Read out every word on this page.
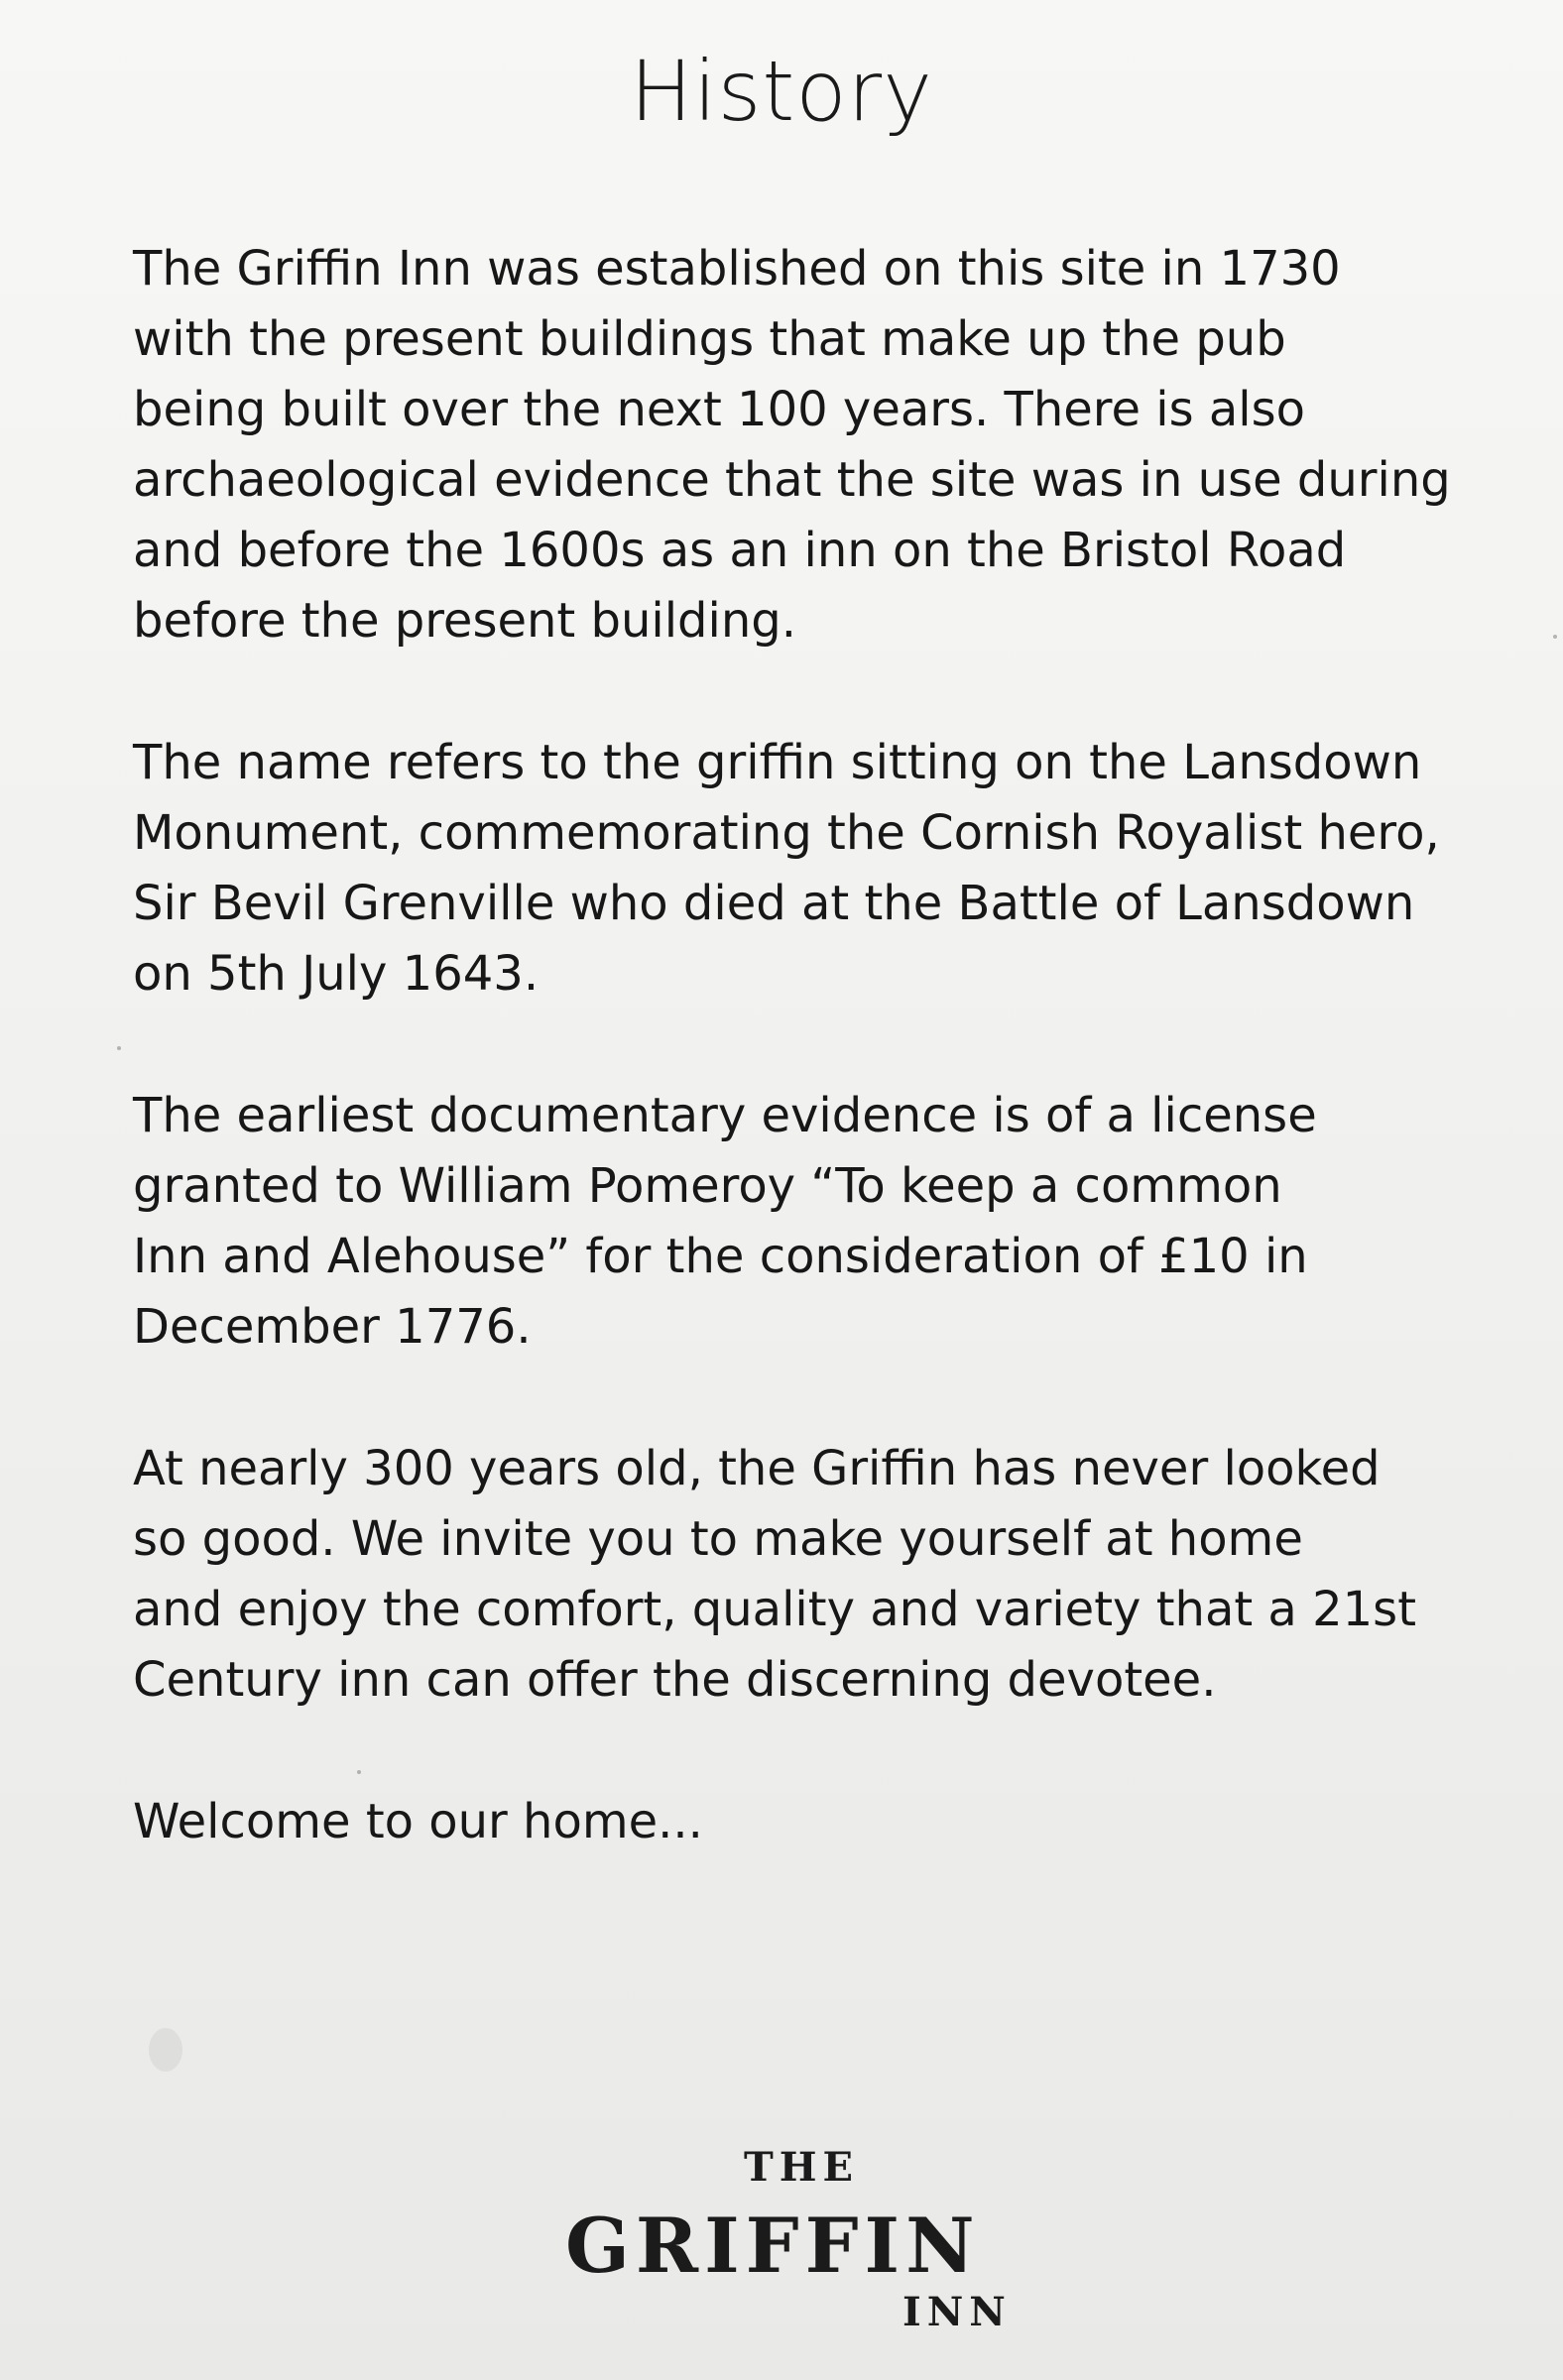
History

The Griffin Inn was established on this site in 1730
with the present buildings that make up the pub
being built over the next 100 years. There is also
archaeological evidence that the site was in use during
and before the 1600s as an inn on the Bristol Road
before the present building.

The name refers to the griffin sitting on the Lansdown
Monument, commemorating the Cornish Royalist hero,
Sir Bevil Grenville who died at the Battle of Lansdown
on 5th July 1643.

The earliest documentary evidence is of a license
granted to William Pomeroy “To keep a common
Inn and Alehouse” for the consideration of £10 in
December 1776.

At nearly 300 years old, the Griffin has never looked
so good. We invite you to make yourself at home
and enjoy the comfort, quality and variety that a 21st
Century inn can offer the discerning devotee.

Welcome to our home...
THE
GRIFFIN
INN
